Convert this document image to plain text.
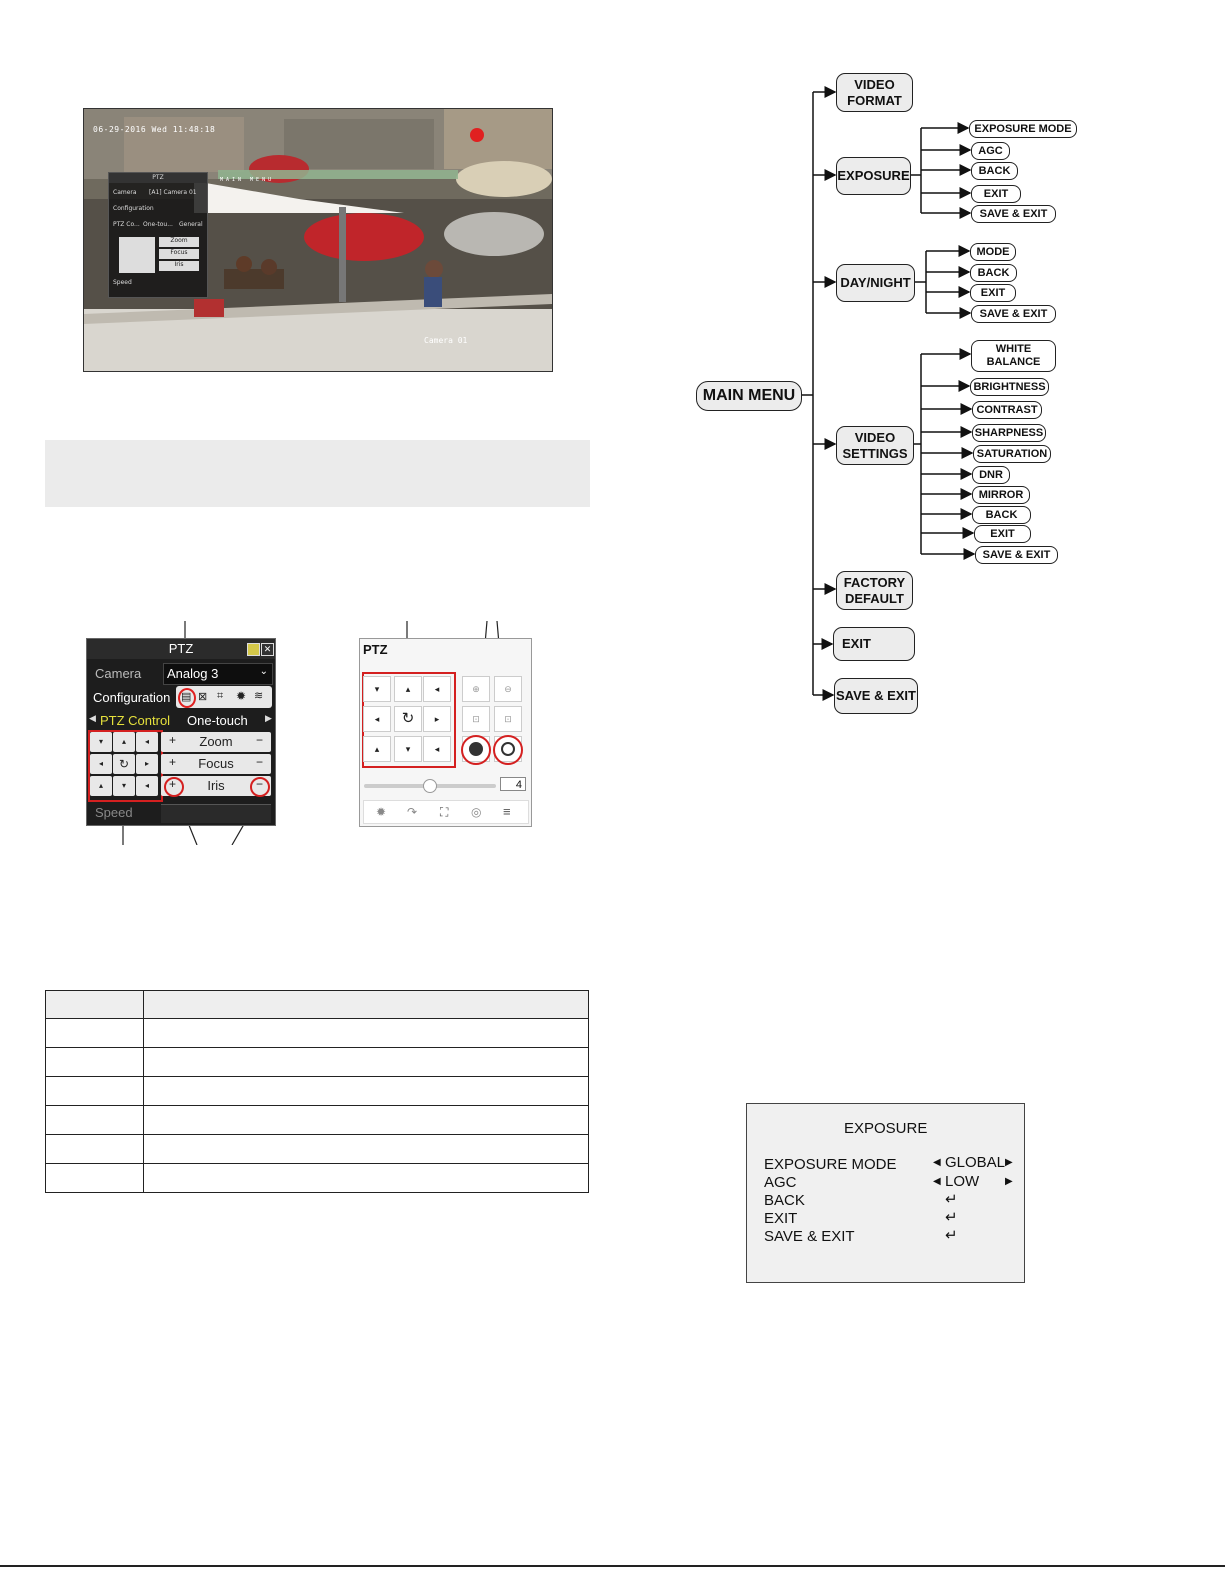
06-29-2016 Wed 11:48:18
Camera 01
MAIN MENU
PTZ
Camera [A1] Camera 01
Configuration
PTZ Co... One-tou... General
Zoom
Focus
Iris
Speed
PTZ	✕
Camera Analog 3	⌄
Configuration ▤ ⊠ ⌗ ✹ ≋
◀ PTZ Control One-touch ▶
▾	▴	◂
◂	↻	▸
▴	▾	◂
+	Zoom	−
+	Focus	−
+	Iris	−
Speed
PTZ
▾	▴	◂
◂	↻	▸
▴	▾	◂
⊕	⊖
⊡	⊡
4
✹ ↷ ⛶ ◎ ≡

MAIN MENU
VIDEO
FORMAT
EXPOSURE
DAY/NIGHT
VIDEO
SETTINGS
FACTORY
DEFAULT
EXIT
SAVE & EXIT
EXPOSURE MODE
AGC
BACK
EXIT
SAVE & EXIT
MODE
BACK
EXIT
SAVE & EXIT
WHITE
BALANCE
BRIGHTNESS
CONTRAST
SHARPNESS
SATURATION
DNR
MIRROR
BACK
EXIT
SAVE & EXIT
EXPOSURE
EXPOSURE MODE	◀ GLOBAL ▶
AGC	◀ LOW	▶
BACK	↵
EXIT	↵
SAVE & EXIT	↵
